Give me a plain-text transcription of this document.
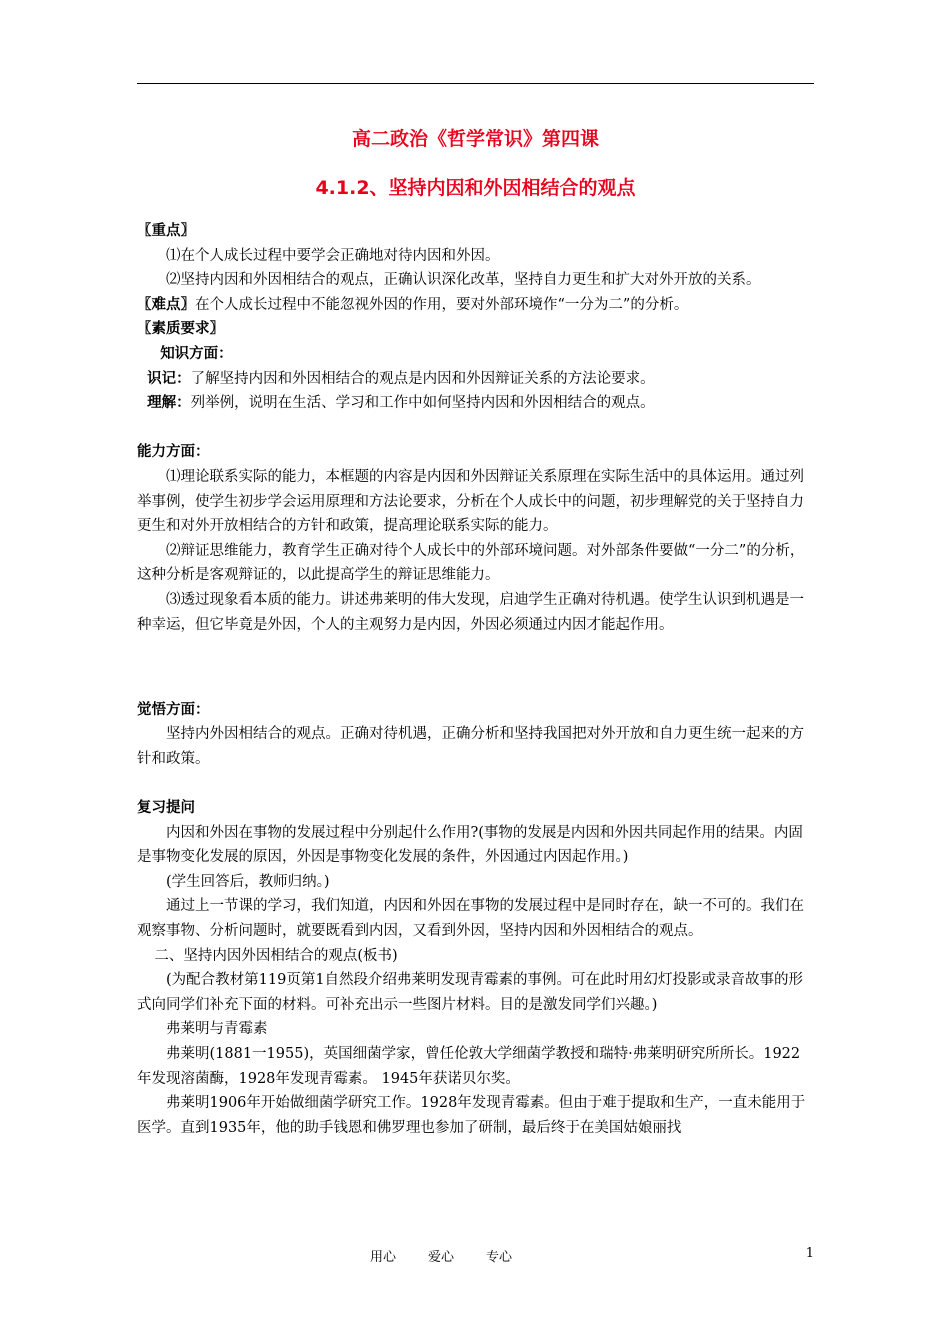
高二政治《哲学常识》第四课
4.1.2、坚持内因和外因相结合的观点

〖重点〗

⑴在个人成长过程中要学会正确地对待内因和外因。

⑵坚持内因和外因相结合的观点，正确认识深化改革，坚持自力更生和扩大对外开放的关系。

〖难点〗在个人成长过程中不能忽视外因的作用，要对外部环境作“一分为二”的分析。

〖素质要求〗

知识方面：

识记：了解坚持内因和外因相结合的观点是内因和外因辩证关系的方法论要求。

理解：列举例，说明在生活、学习和工作中如何坚持内因和外因相结合的观点。

能力方面：

⑴理论联系实际的能力，本框题的内容是内因和外因辩证关系原理在实际生活中的具体运用。通过列举事例，使学生初步学会运用原理和方法论要求，分析在个人成长中的问题，初步理解党的关于坚持自力更生和对外开放相结合的方针和政策，提高理论联系实际的能力。

⑵辩证思维能力，教育学生正确对待个人成长中的外部环境问题。对外部条件要做“一分二”的分析，这种分析是客观辩证的，以此提高学生的辩证思维能力。

⑶透过现象看本质的能力。讲述弗莱明的伟大发现，启迪学生正确对待机遇。使学生认识到机遇是一种幸运，但它毕竟是外因，个人的主观努力是内因，外因必须通过内因才能起作用。

觉悟方面：

坚持内外因相结合的观点。正确对待机遇，正确分析和坚持我国把对外开放和自力更生统一起来的方针和政策。

复习提问

内因和外因在事物的发展过程中分别起什么作用?(事物的发展是内因和外因共同起作用的结果。内固是事物变化发展的原因，外因是事物变化发展的条件，外因通过内因起作用。)

(学生回答后，教师归纳。)

通过上一节课的学习，我们知道，内因和外因在事物的发展过程中是同时存在，缺一不可的。我们在观察事物、分析问题时，就要既看到内因，又看到外因，坚持内因和外因相结合的观点。

二、坚持内因外因相结合的观点(板书)

(为配合教材第119页第1自然段介绍弗莱明发现青霉素的事例。可在此时用幻灯投影或录音故事的形式向同学们补充下面的材料。可补充出示一些图片材料。目的是激发同学们兴趣。)

弗莱明与青霉素

弗莱明(1881一1955)，英国细菌学家，曾任伦敦大学细菌学教授和瑞特·弗莱明研究所所长。1922年发现溶菌酶，1928年发现青霉素。 1945年获诺贝尔奖。

弗莱明1906年开始做细菌学研究工作。1928年发现青霉素。但由于难于提取和生产，一直未能用于医学。直到1935年，他的助手钱恩和佛罗理也参加了研制，最后终于在美国姑娘丽找

用心 爱心 专心	1
